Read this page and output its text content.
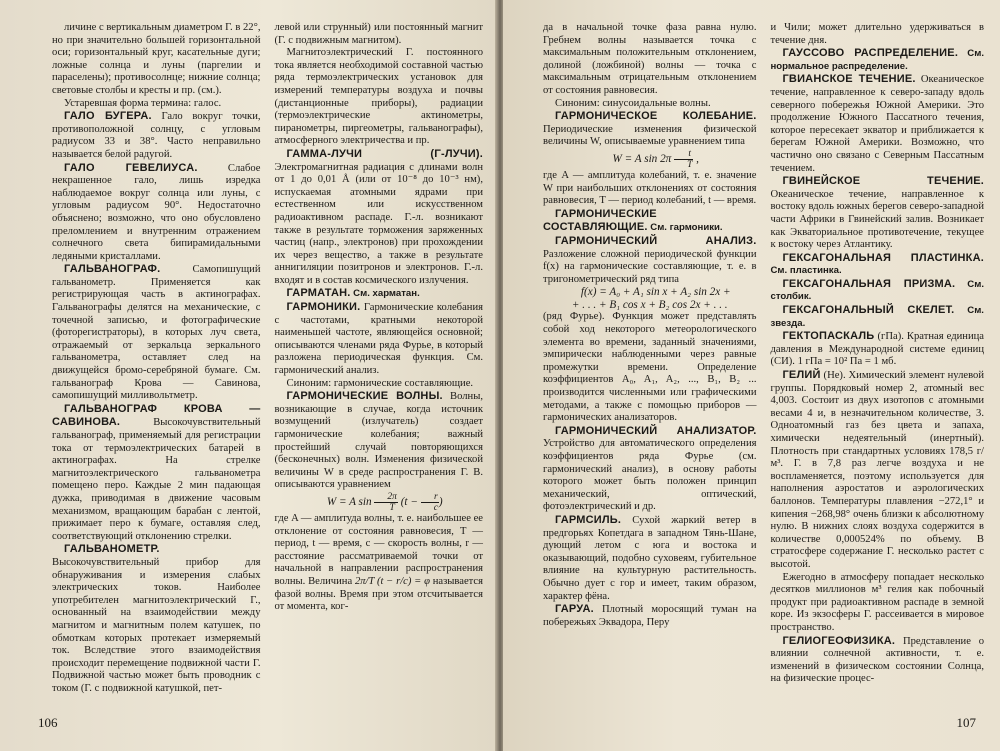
личине с вертикальным диаметром Г. в 22°, но при значительно большей горизонтальной оси; горизонтальный круг, касательные дуги; ложные солнца и луны (паргелии и параселены); противосолнце; нижние солнца; световые столбы и кресты и пр. (см.).

Устаревшая форма термина: галос.

ГАЛО БУГЕРА. Гало вокруг точки, противоположной солнцу, с угловым радиусом 33 и 38°. Часто неправильно называется белой радугой.

ГАЛО ГЕВЕЛИУСА.	Слабое некрашенное гало, лишь изредка наблюдаемое вокруг солнца или луны, с угловым радиусом 90°. Недостаточно объяснено; возможно, что оно обусловлено преломлением и внутренним отражением солнечного света бипирамидальными ледяными кристаллами.

ГАЛЬВАНОГРАФ.	Самопишущий гальванометр. Применяется как регистрирующая часть в актинографах. Гальванографы делятся на механические, с точечной записью, и фотографические (фоторегистраторы), в которых луч света, отражаемый от зеркальца зеркального гальванометра, оставляет след на движущейся бромо-серебряной бумаге. См. гальванограф Крова — Савинова, самопишущий милливольтметр.

ГАЛЬВАНОГРАФ КРОВА — САВИНОВА.	Высокочувствительный гальванограф, применяемый для регистрации тока от термоэлектрических батарей в актинографах. На стрелке магнитоэлектрического гальванометра помещено перо. Каждые 2 мин падающая дужка, приводимая в движение часовым механизмом, вращающим барабан с лентой, прижимает перо к бумаге, оставляя след, соответствующий отклонению стрелки.

ГАЛЬВАНОМЕТР. Высокочувствительный прибор для обнаруживания и измерения слабых электрических токов. Наиболее употребителен магнитоэлектрический Г., основанный на взаимодействии между магнитом и магнитным полем катушек, по обмоткам которых протекает измеряемый ток. Вследствие этого взаимодействия происходит перемещение подвижной части Г. Подвижной частью может быть проводник с током (Г. с подвижной катушкой, пет-

левой или струнный) или постоянный магнит (Г. с подвижным магнитом).

Магнитоэлектрический Г. постоянного тока является необходимой составной частью ряда термоэлектрических установок для измерений температуры воздуха и почвы (дистанционные приборы), радиации (термоэлектрические актинометры, пиранометры, пиргеометры, гальванографы), атмосферного электричества и пр.

ГАММА-ЛУЧИ (Γ-ЛУЧИ). Электромагнитная радиация с длинами волн от 1 до 0,01 Å (или от 10⁻⁸ до 10⁻³ нм), испускаемая атомными ядрами при естественном или искусственном радиоактивном распаде. Г.-л. возникают также в результате торможения заряженных частиц (напр., электронов) при прохождении их через вещество, а также в результате аннигиляции позитронов и электронов. Г.-л. входят и в состав космического излучения.

ГАРМАТАН. См. харматан.

ГАРМОНИКИ. Гармонические колебания с частотами, кратными некоторой наименьшей частоте, являющейся основной; описываются членами ряда Фурье, в который разложена периодическая функция. См. гармонический анализ.

Синоним: гармонические составляющие.

ГАРМОНИЧЕСКИЕ ВОЛНЫ. Волны, возникающие в случае, когда источник возмущений (излучатель) создает гармонические колебания; важный простейший случай повторяющихся (бесконечных) волн. Изменения физической величины W в среде распространения Г. В. описываются уравнением

W = A $\sin \frac{2\pi}{T} (t - \frac{r}{c}$ )

где A — амплитуда волны, т. е. наибольшее ее отклонение от состояния равновесия, T — период, t — время, c — скорость волны, r — расстояние рассматриваемой точки от начальной в направлении распространения волны. Величина 2π/T (t − r/c) = φ называется фазой волны. Время при этом отсчитывается от момента, ког-

106

да в начальной точке фаза равна нулю. Гребнем волны называется точка с максимальным положительным отклонением, долиной (ложбиной) волны — точка с максимальным отрицательным отклонением от состояния равновесия.

Синоним: синусоидальные волны.

ГАРМОНИЧЕСКОЕ КОЛЕБАНИЕ. Периодические изменения физической величины W, описываемые уравнением типа

W = A $\sin 2\pi \frac{t}{T}$ ,

где A — амплитуда колебаний, т. е. значение W при наибольших отклонениях от состояния равновесия, T — период колебаний, t — время.

ГАРМОНИЧЕСКИЕ СОСТАВЛЯЮЩИЕ. См. гармоники.

ГАРМОНИЧЕСКИЙ АНАЛИЗ. Разложение сложной периодической функции f(x) на гармонические составляющие, т. е. в тригонометрический ряд типа

f(x) = A₀ + A₁ sin x + A₂ sin 2x +
+ . . . + B₁ cos x + B₂ cos 2x + . . .

(ряд Фурье). Функция может представлять собой ход некоторого метеорологического элемента во времени, заданный значениями, эмпирически наблюденными через равные промежутки времени. Определение коэффициентов A₀, A₁, A₂, ..., B₁, B₂ ... производится численными или графическими методами, а также с помощью приборов — гармонических анализаторов.

ГАРМОНИЧЕСКИЙ АНАЛИЗАТОР. Устройство для автоматического определения коэффициентов ряда Фурье (см. гармонический анализ), в основу работы которого может быть положен принцип механический, оптический, фотоэлектрический и др.

ГАРМСИЛЬ. Сухой жаркий ветер в предгорьях Копетдага в западном Тянь-Шане, дующий летом с юга и востока и оказывающий, подобно суховеям, губительное влияние на культурную растительность. Обычно дует с гор и имеет, таким образом, характер фёна.

ГАРУА. Плотный моросящий туман на побережьях Эквадора, Перу

и Чили; может длительно удерживаться в течение дня.

ГАУССОВО РАСПРЕДЕЛЕНИЕ. См. нормальное распределение.

ГВИАНСКОЕ ТЕЧЕНИЕ. Океаническое течение, направленное к северо-западу вдоль северного побережья Южной Америки. Это продолжение Южного Пассатного течения, которое пересекает экватор и приближается к берегам Южной Америки. Возможно, что частично оно связано с Северным Пассатным течением.

ГВИНЕЙСКОЕ ТЕЧЕНИЕ. Океаническое течение, направленное к востоку вдоль южных берегов северо-западной части Африки в Гвинейский залив. Возникает как Экваториальное противотечение, текущее к востоку через Атлантику.

ГЕКСАГОНАЛЬНАЯ ПЛАСТИНКА. См. пластинка.

ГЕКСАГОНАЛЬНАЯ ПРИЗМА. См. столбик.

ГЕКСАГОНАЛЬНЫЙ СКЕЛЕТ. См. звезда.

ГЕКТОПАСКАЛЬ (гПа). Кратная единица давления в Международной системе единиц (СИ). 1 гПа = 10² Па = 1 мб.

ГЕЛИЙ (Не). Химический элемент нулевой группы. Порядковый номер 2, атомный вес 4,003. Состоит из двух изотопов с атомными весами 4 и, в незначительном количестве, 3. Одноатомный газ без цвета и запаха, химически недеятельный (инертный). Плотность при стандартных условиях 178,5 г/м³. Г. в 7,8 раз легче воздуха и не воспламеняется, поэтому используется для наполнения аэростатов и аэрологических баллонов. Температуры плавления −272,1° и кипения −268,98° очень близки к абсолютному нулю. В нижних слоях воздуха содержится в количестве 0,000524% по объему. В стратосфере содержание Г. несколько растет с высотой.

Ежегодно в атмосферу попадает несколько десятков миллионов м³ гелия как побочный продукт при радиоактивном распаде в земной коре. Из экзосферы Г. рассеивается в мировое пространство.

ГЕЛИОГЕОФИЗИКА. Представление о влиянии солнечной активности, т. е. изменений в физическом состоянии Солнца, на физические процес-

107
